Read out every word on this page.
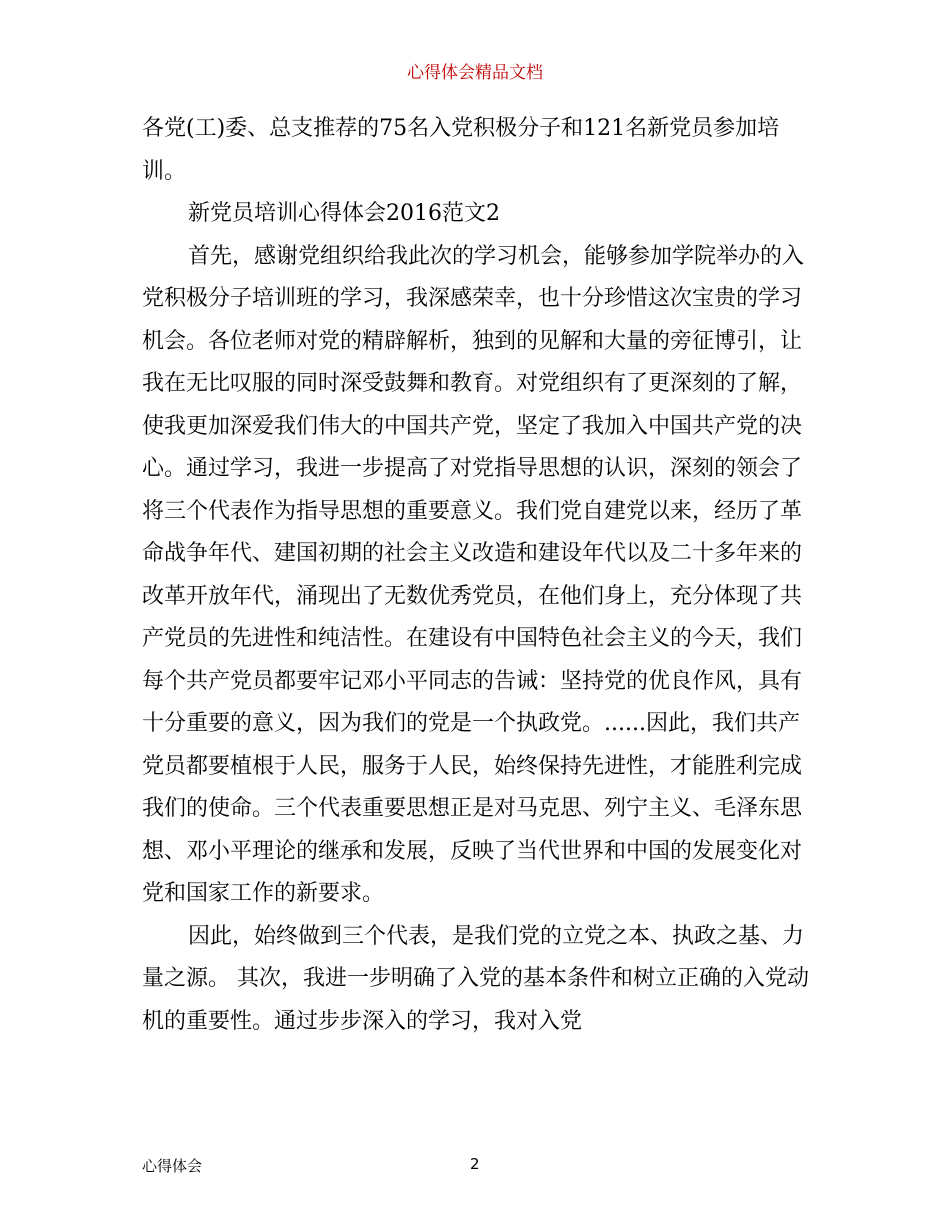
心得体会精品文档

各党(工)委、总支推荐的75名入党积极分子和121名新党员参加培训。

新党员培训心得体会2016范文2

首先，感谢党组织给我此次的学习机会，能够参加学院举办的入党积极分子培训班的学习，我深感荣幸，也十分珍惜这次宝贵的学习机会。各位老师对党的精辟解析，独到的见解和大量的旁征博引，让我在无比叹服的同时深受鼓舞和教育。对党组织有了更深刻的了解，使我更加深爱我们伟大的中国共产党，坚定了我加入中国共产党的决心。通过学习，我进一步提高了对党指导思想的认识，深刻的领会了将三个代表作为指导思想的重要意义。我们党自建党以来，经历了革命战争年代、建国初期的社会主义改造和建设年代以及二十多年来的改革开放年代，涌现出了无数优秀党员，在他们身上，充分体现了共产党员的先进性和纯洁性。在建设有中国特色社会主义的今天，我们每个共产党员都要牢记邓小平同志的告诫：坚持党的优良作风，具有十分重要的意义，因为我们的党是一个执政党。......因此，我们共产党员都要植根于人民，服务于人民，始终保持先进性，才能胜利完成我们的使命。三个代表重要思想正是对马克思、列宁主义、毛泽东思想、邓小平理论的继承和发展，反映了当代世界和中国的发展变化对党和国家工作的新要求。

因此，始终做到三个代表，是我们党的立党之本、执政之基、力量之源。 其次，我进一步明确了入党的基本条件和树立正确的入党动机的重要性。通过步步深入的学习，我对入党

心得体会	2
